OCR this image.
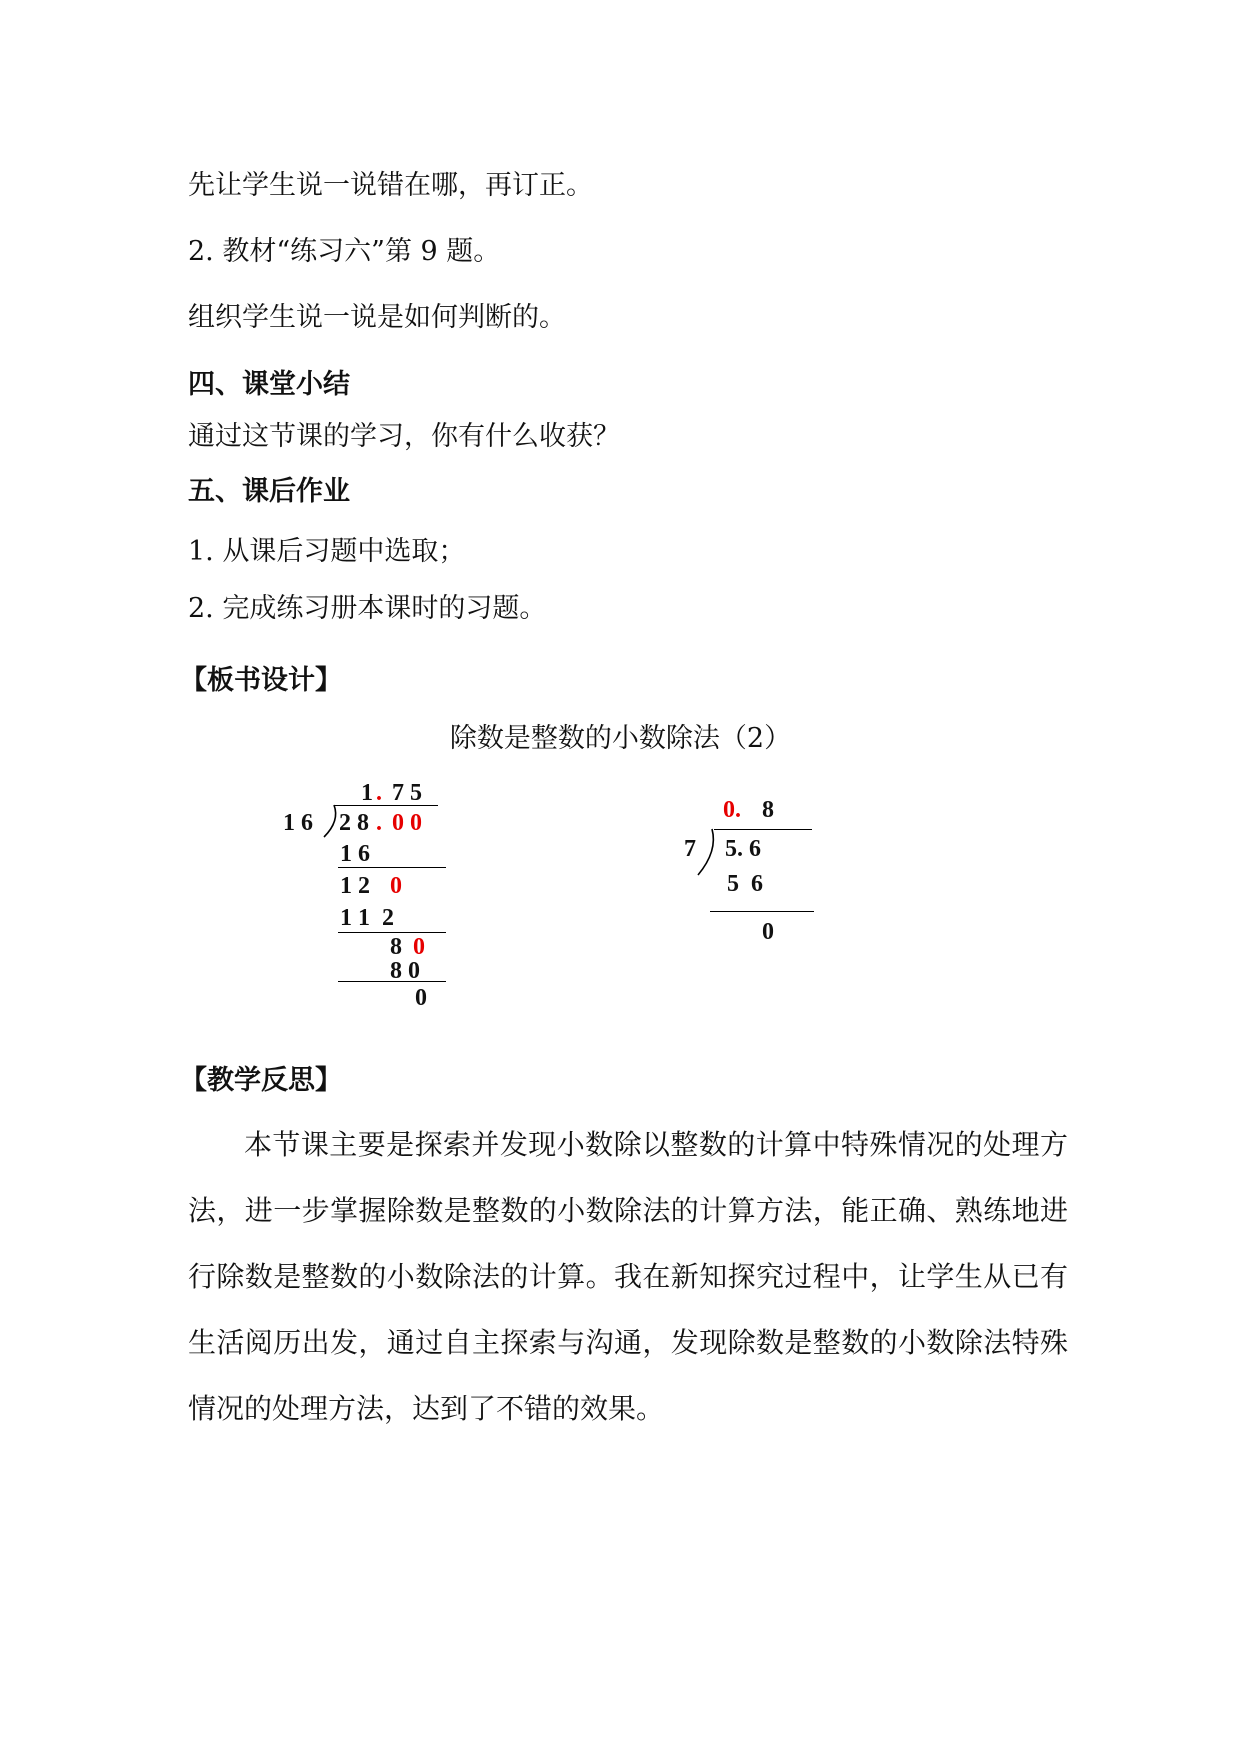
先让学生说一说错在哪，再订正。
2. 教材“练习六”第 9 题。
组织学生说一说是如何判断的。
四、课堂小结
通过这节课的学习，你有什么收获？
五、课后作业
1. 从课后习题中选取；
2. 完成练习册本课时的习题。
【板书设计】
除数是整数的小数除法（2）
1 . 7 5
1 6 2 8 . 0 0
1 6
1 2 0
1 1  2
8 0
8 0
0
0. 8
7 5. 6
5  6
0
【教学反思】
本节课主要是探索并发现小数除以整数的计算中特殊情况的处理方法，进一步掌握除数是整数的小数除法的计算方法，能正确、熟练地进行除数是整数的小数除法的计算。我在新知探究过程中，让学生从已有生活阅历出发，通过自主探索与沟通，发现除数是整数的小数除法特殊情况的处理方法，达到了不错的效果。
